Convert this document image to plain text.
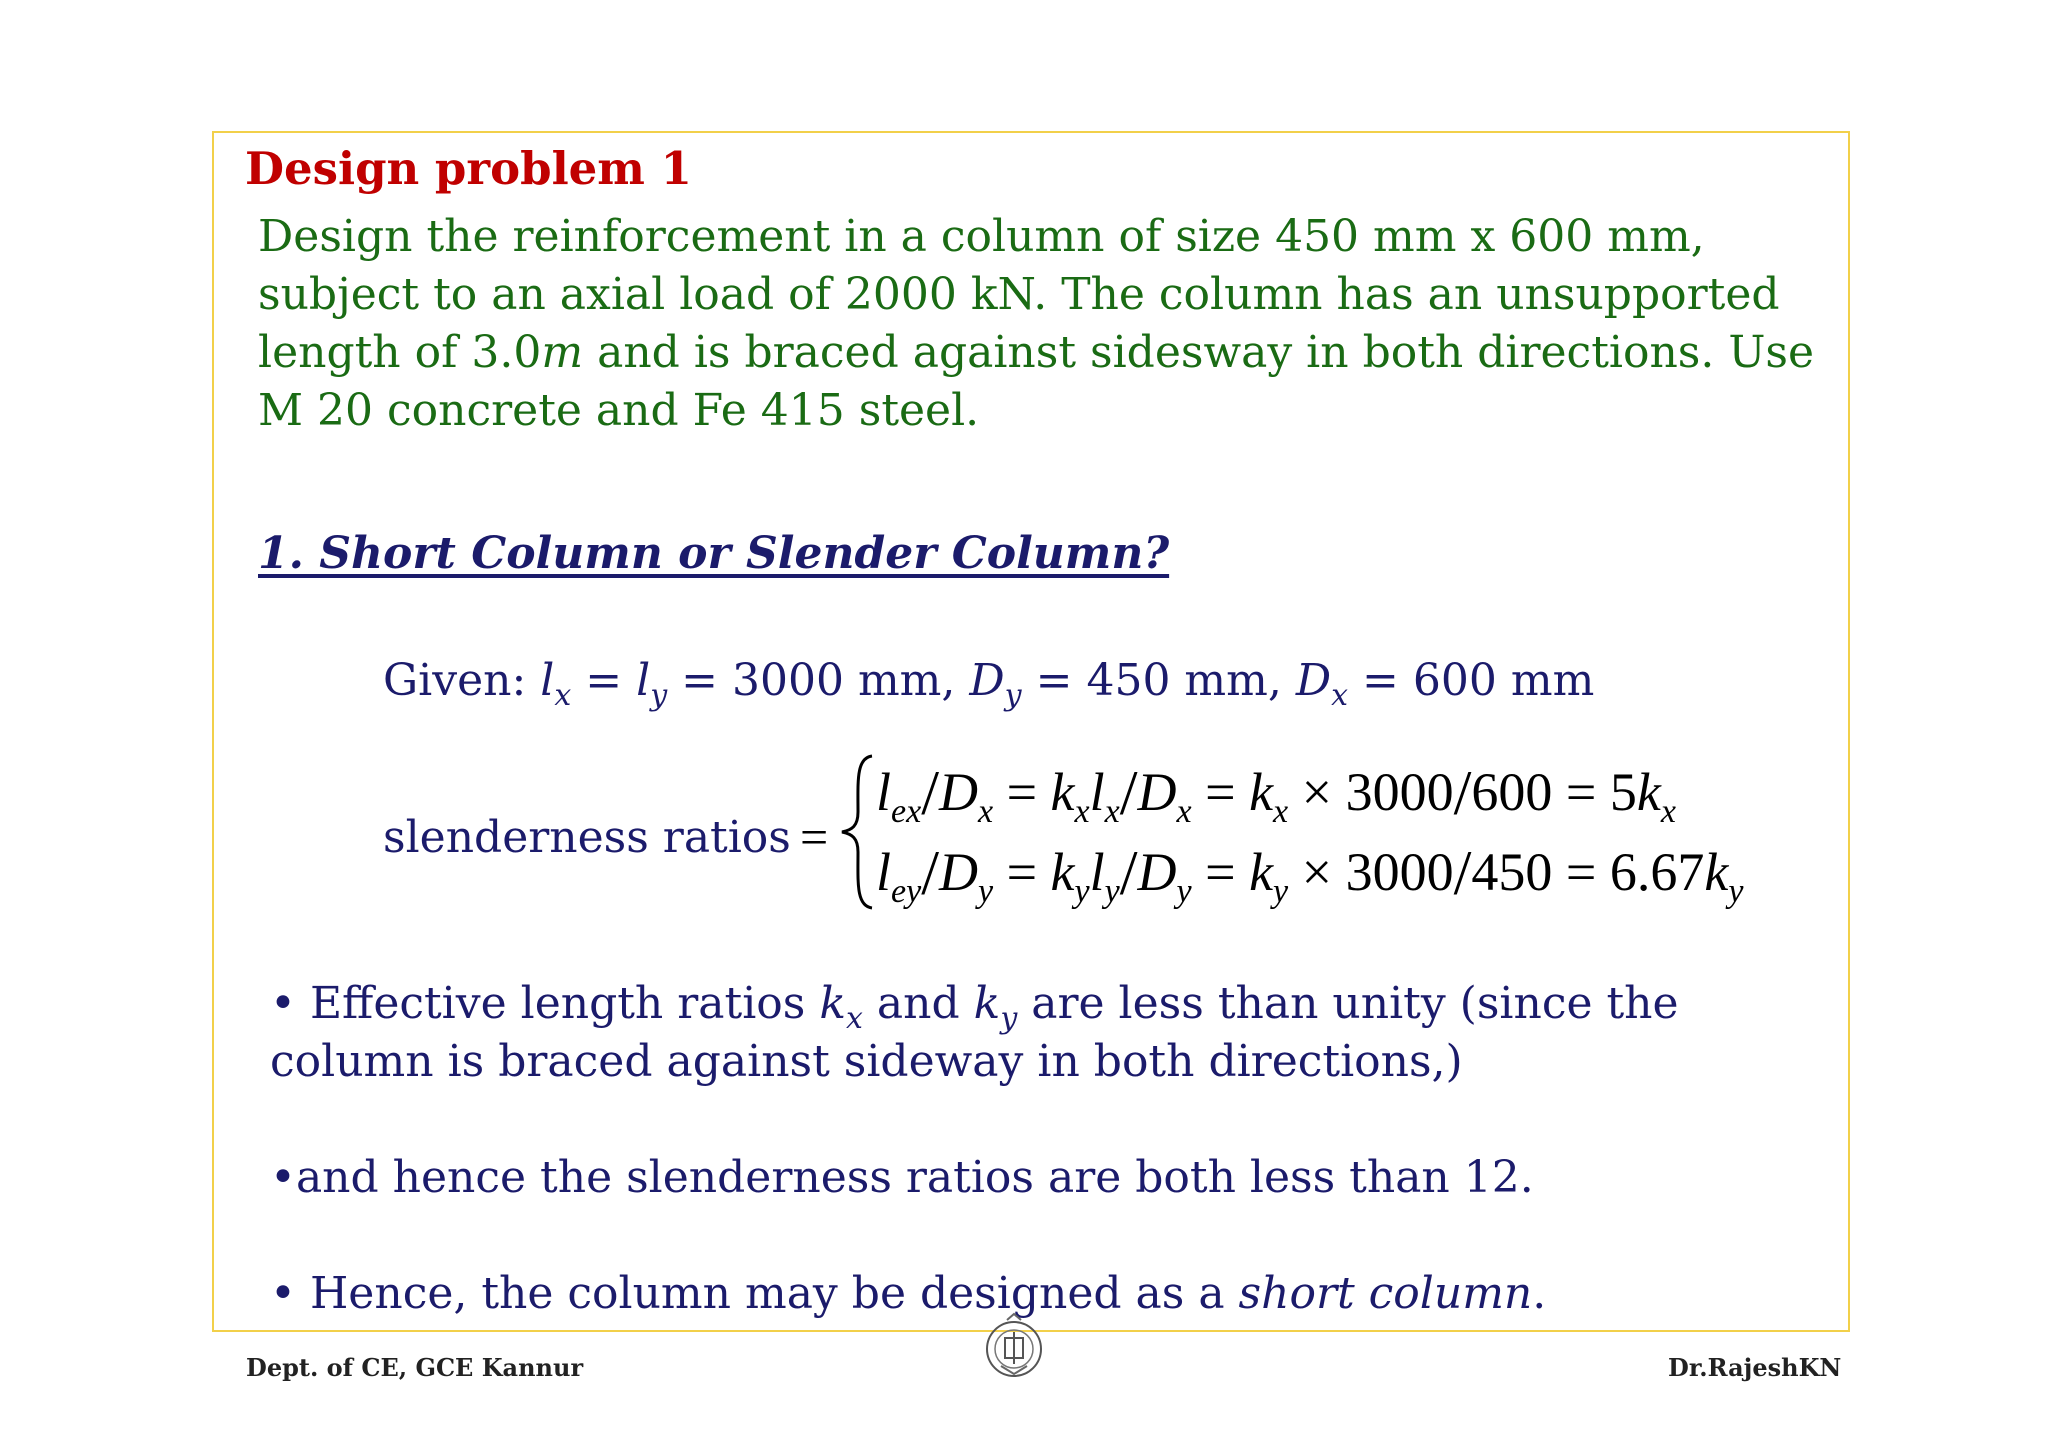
Design problem 1
Design the reinforcement in a column of size 450 mm x 600 mm,
subject to an axial load of 2000 kN. The column has an unsupported
length of 3.0m and is braced against sidesway in both directions. Use
M 20 concrete and Fe 415 steel.
1. Short Column or Slender Column?
Given: $l_x = l_y = 3000$ mm, $D_y = 450$ mm, $D_x = 600$ mm
slenderness ratios =
$l_{ex}/D_x = k_xl_x/D_x = k_x \times 3000/600 = 5k_x$
$l_{ey}/D_y = k_yl_y/D_y = k_y \times 3000/450 = 6.67k_y$

• Effective length ratios $k_x$ and $k_y$ are less than unity (since the column is braced against sideway in both directions,)

•and hence the slenderness ratios are both less than 12.

• Hence, the column may be designed as a short column.

Dept. of CE, GCE Kannur	Dr.RajeshKN
